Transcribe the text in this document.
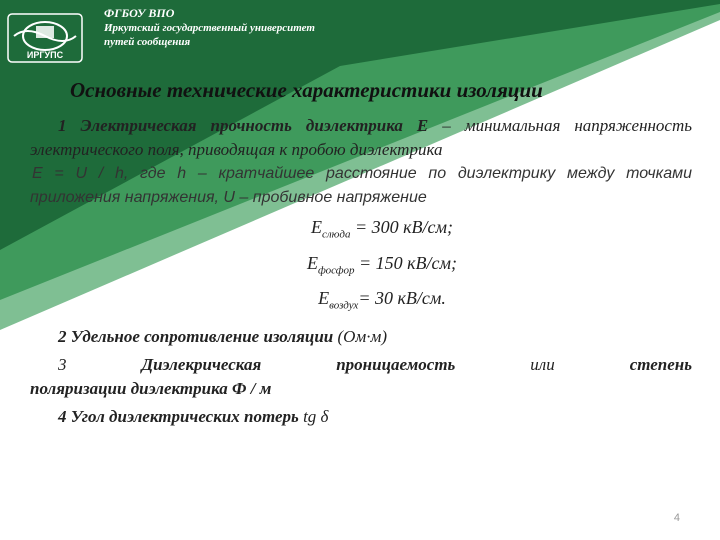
ИРГУПС
ФГБОУ ВПО
Иркутский государственный университет
путей сообщения
Основные технические характеристики изоляции

1 Электрическая прочность диэлектрика Е – минимальная напряженность электрического поля, приводящая к пробою диэлектрика

E = U / h, где h – кратчайшее расстояние по диэлектрику между точками приложения напряжения, U – пробивное напряжение

$E_{слюда} = 300$ кВ/см;

$E_{фосфор} = 150$ кВ/см;

$E_{воздух}= 30$ кВ/см.

2 Удельное сопротивление изоляции (Ом·м)

3	Диэлекрическая	проницаемость	или	степень

поляризации диэлектрика Ф / м

4 Угол диэлектрических потерь tg δ

4
